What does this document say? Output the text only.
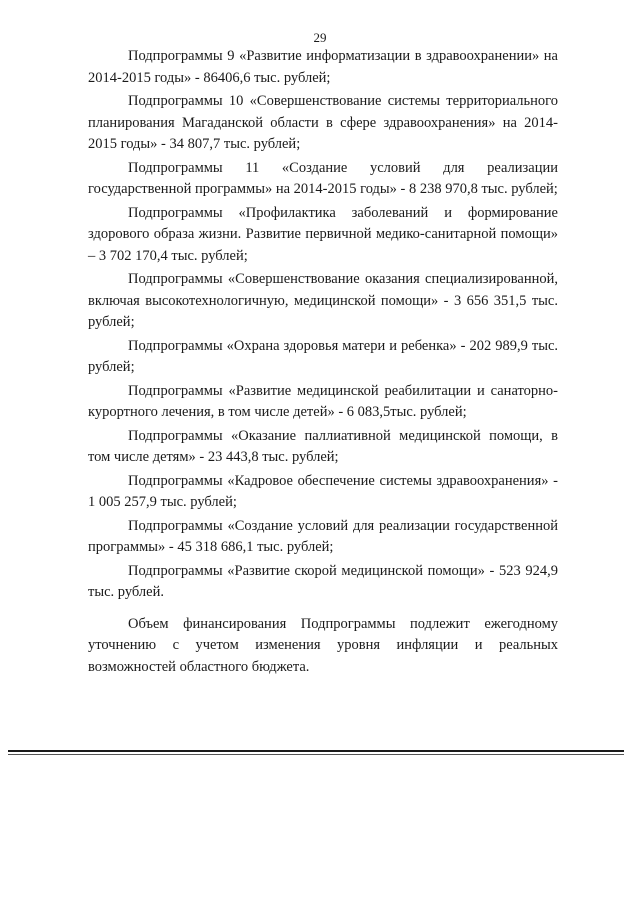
29

Подпрограммы 9 «Развитие информатизации в здравоохранении» на 2014-2015 годы» - 86406,6 тыс. рублей;

Подпрограммы 10 «Совершенствование системы территориального планирования Магаданской области в сфере здравоохранения» на 2014-2015 годы» - 34 807,7 тыс. рублей;

Подпрограммы 11 «Создание условий для реализации государственной программы» на 2014-2015 годы» - 8 238 970,8 тыс. рублей;

Подпрограммы «Профилактика заболеваний и формирование здорового образа жизни. Развитие первичной медико-санитарной помощи» – 3 702 170,4 тыс. рублей;

Подпрограммы «Совершенствование оказания специализированной, включая высокотехнологичную, медицинской помощи» - 3 656 351,5 тыс. рублей;

Подпрограммы «Охрана здоровья матери и ребенка» - 202 989,9 тыс. рублей;

Подпрограммы «Развитие медицинской реабилитации и санаторно-курортного лечения, в том числе детей» - 6 083,5тыс. рублей;

Подпрограммы «Оказание паллиативной медицинской помощи, в том числе детям» - 23 443,8 тыс. рублей;

Подпрограммы «Кадровое обеспечение системы здравоохранения» - 1 005 257,9 тыс. рублей;

Подпрограммы «Создание условий для реализации государственной программы» - 45 318 686,1 тыс. рублей;

Подпрограммы «Развитие скорой медицинской помощи» - 523 924,9 тыс. рублей.

Объем финансирования Подпрограммы подлежит ежегодному уточнению с учетом изменения уровня инфляции и реальных возможностей областного бюджета.
